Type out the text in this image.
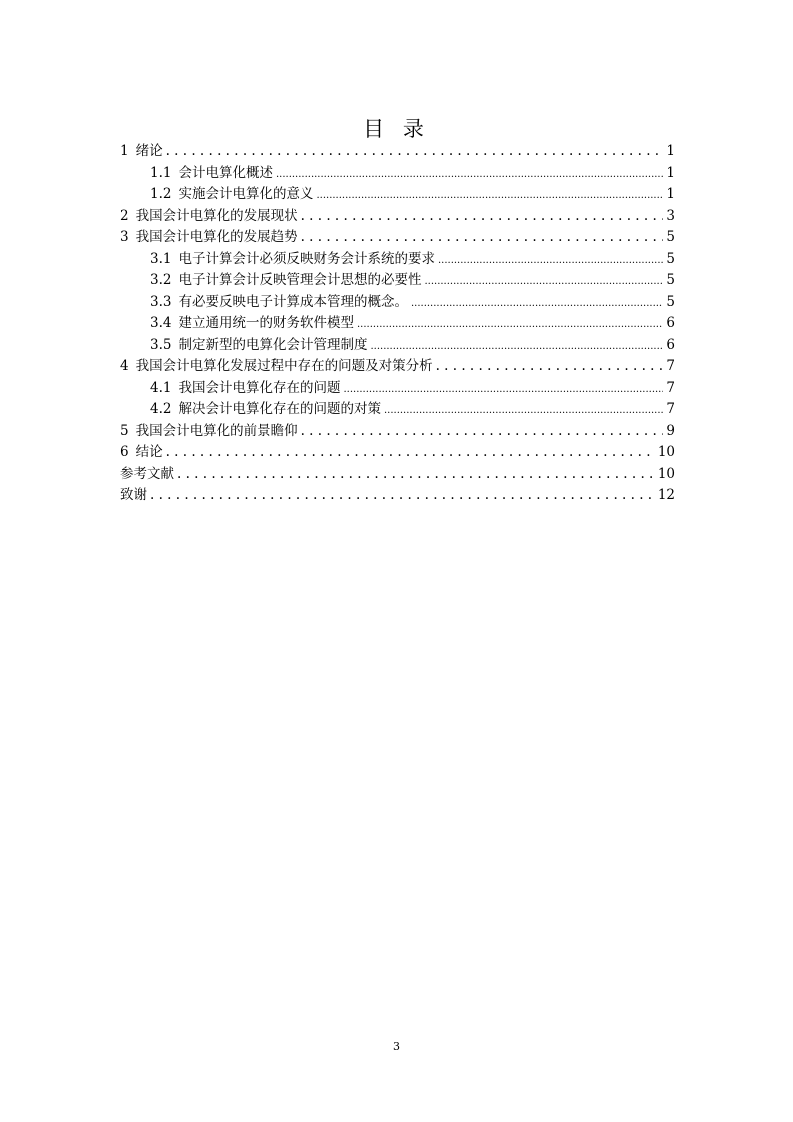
目 录
1 绪论 . . .	1
1.1 会计电算化概述 .....	1
1.2 实施会计电算化的意义 .....	1
2 我国会计电算化的发展现状 . . .	3
3 我国会计电算化的发展趋势 . . .	5
3.1 电子计算会计必须反映财务会计系统的要求 .....	5
3.2 电子计算会计反映管理会计思想的必要性 .....	5
3.3 有必要反映电子计算成本管理的概念。 .....	5
3.4 建立通用统一的财务软件模型 .....	6
3.5 制定新型的电算化会计管理制度 .....	6
4 我国会计电算化发展过程中存在的问题及对策分析 . . .	7
4.1 我国会计电算化存在的问题 .....	7
4.2 解决会计电算化存在的问题的对策 .....	7
5 我国会计电算化的前景瞻仰 . . .	9
6 结论 . . .	10
参考文献 . . .	10
致谢 . . .	12
3
